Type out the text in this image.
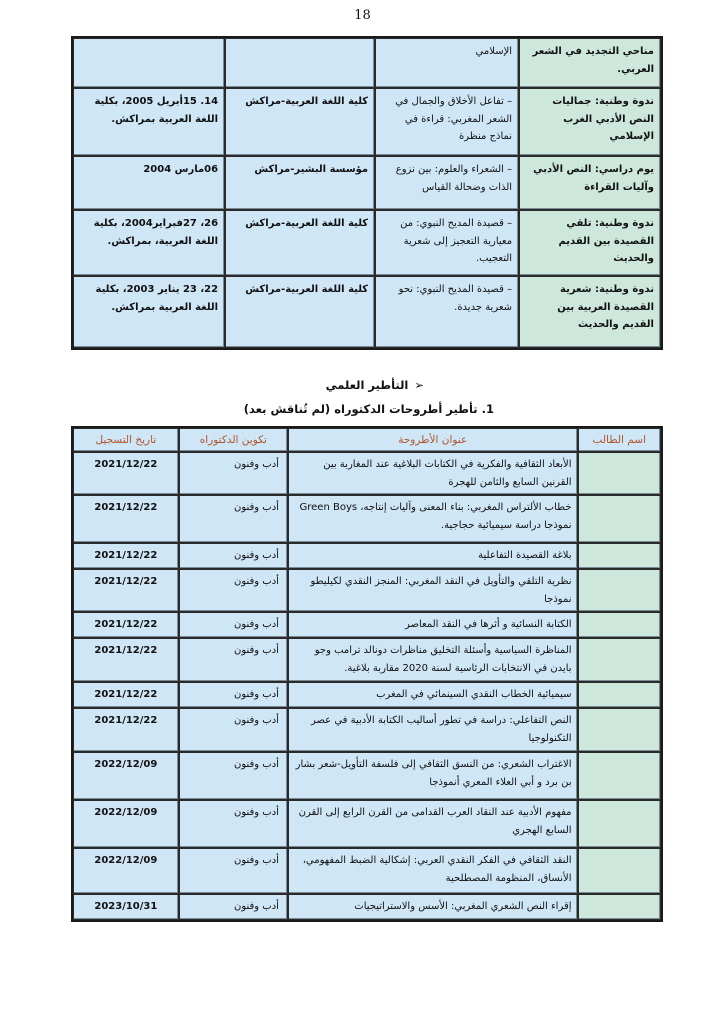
18
مناحي التجديد في الشعر العربي.	الإسلامي		
ندوة وطنية: جماليات النص الأدبي الغرب الإسلامي	– تفاعل الأخلاق والجمال في الشعر المغربي: قراءة في نماذج منظرة	كلية اللغة العربية-مراكش	14. 15أبريل 2005، بكلية اللغة العربية بمراكش.
يوم دراسي: النص الأدبي وآليات القراءة	– الشعراء والعلوم: بين نزوع الذات وضحالة القياس	مؤسسة البشير-مراكش	06مارس 2004
ندوة وطنية: تلقي القصيدة بين القديم والحديث	– قصيدة المديح النبوي: من معيارية التعجيز إلى شعرية التعجيب.	كلية اللغة العربية-مراكش	26، 27فبراير2004، بكلية اللغة العربية، بمراكش.
ندوة وطنية: شعرية القصيدة العربية بين القديم والحديث	– قصيدة المديح النبوي: نحو شعرية جديدة.	كلية اللغة العربية-مراكش	22، 23 يناير 2003، بكلية اللغة العربية بمراكش.
➢التأطير العلمي
1. تأطير أطروحات الدكتوراه (لم تُناقش بعد)
اسم الطالب	عنوان الأطروحة	تكوين الدكتوراه	تاريخ التسجيل
	الأبعاد الثقافية والفكرية في الكتابات البلاغية عند المغاربة بين القرنين السابع والثامن للهجرة	أدب وفنون	2021/12/22
	خطاب الألتراس المغربي: بناء المعنى وآليات إنتاجه، Green Boys نموذجا دراسة سيميائية حجاجية.	أدب وفنون	2021/12/22
	بلاغة القصيدة التفاعلية	أدب وفنون	2021/12/22
	نظرية التلقي والتأويل في النقد المغربي: المنجز النقدي لكيليطو نموذجا	أدب وفنون	2021/12/22
	الكتابة النسائية و أثرها في النقد المعاصر	أدب وفنون	2021/12/22
	المناظرة السياسية وأسئلة التخليق مناظرات دونالد ترامب وجو بايدن في الانتخابات الرئاسية لسنة 2020 مقاربة بلاغية.	أدب وفنون	2021/12/22
	سيميائية الخطاب النقدي السينمائي في المغرب	أدب وفنون	2021/12/22
	النص التفاعلي: دراسة في تطور أساليب الكتابة الأدبية في عصر التكنولوجيا	أدب وفنون	2021/12/22
	الاغتراب الشعري: من النسق الثقافي إلى فلسفة التأويل-شعر بشار بن برد و أبي العلاء المعري أنموذجا	أدب وفنون	2022/12/09
	مفهوم الأدبية عند النقاد العرب القدامى من القرن الرابع إلى القرن السابع الهجري	أدب وفنون	2022/12/09
	النقد الثقافي في الفكر النقدي العربي: إشكالية الضبط المفهومي، الأنساق، المنظومة المصطلحية	أدب وفنون	2022/12/09
	إقراء النص الشعري المغربي: الأسس والاستراتيجيات	أدب وفنون	2023/10/31
